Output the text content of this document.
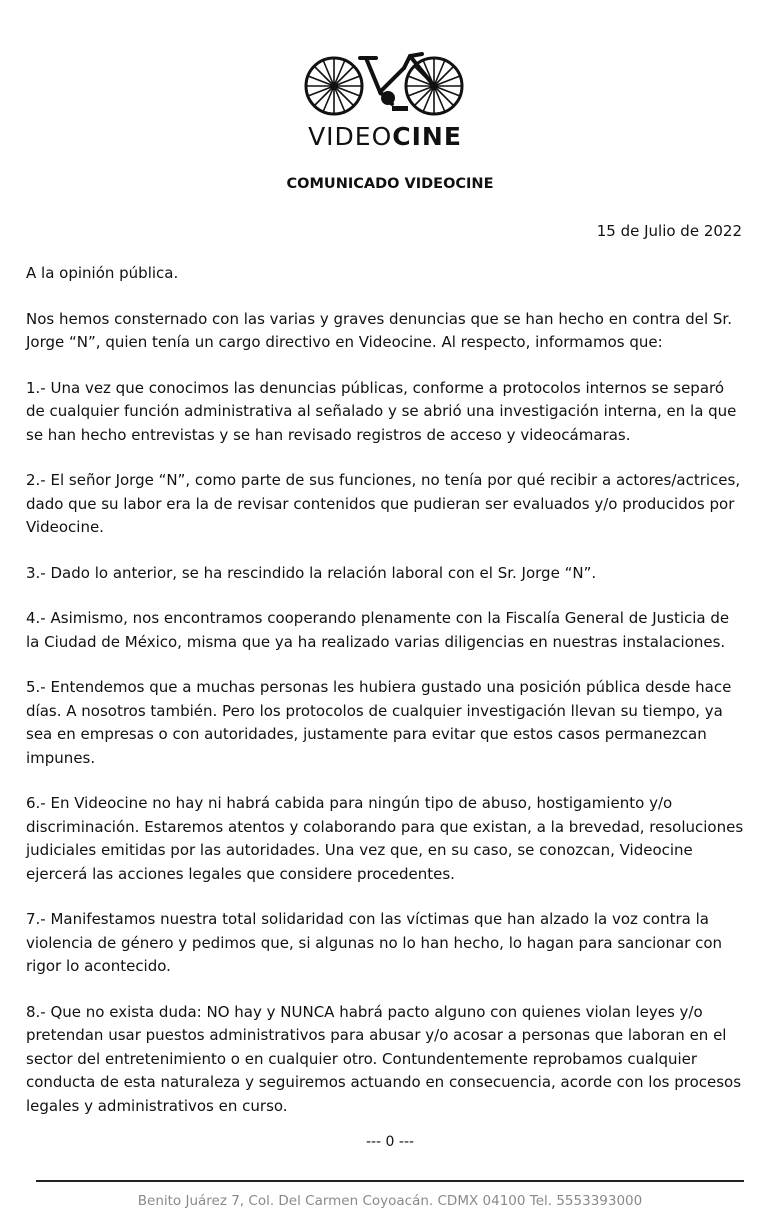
VIDEOCINE
COMUNICADO VIDEOCINE
15 de Julio de 2022

A la opinión pública.

Nos hemos consternado con las varias y graves denuncias que se han hecho en contra del Sr. Jorge “N”, quien tenía un cargo directivo en Videocine. Al respecto, informamos que:

1.- Una vez que conocimos las denuncias públicas, conforme a protocolos internos se separó de cualquier función administrativa al señalado y se abrió una investigación interna, en la que se han hecho entrevistas y se han revisado registros de acceso y videocámaras.

2.- El señor Jorge “N”, como parte de sus funciones, no tenía por qué recibir a actores/actrices, dado que su labor era la de revisar contenidos que pudieran ser evaluados y/o producidos por Videocine.

3.- Dado lo anterior, se ha rescindido la relación laboral con el Sr. Jorge “N”.

4.- Asimismo, nos encontramos cooperando plenamente con la Fiscalía General de Justicia de la Ciudad de México, misma que ya ha realizado varias diligencias en nuestras instalaciones.

5.- Entendemos que a muchas personas les hubiera gustado una posición pública desde hace días. A nosotros también. Pero los protocolos de cualquier investigación llevan su tiempo, ya sea en empresas o con autoridades, justamente para evitar que estos casos permanezcan impunes.

6.- En Videocine no hay ni habrá cabida para ningún tipo de abuso, hostigamiento y/o discriminación. Estaremos atentos y colaborando para que existan, a la brevedad, resoluciones judiciales emitidas por las autoridades. Una vez que, en su caso, se conozcan, Videocine ejercerá las acciones legales que considere procedentes.

7.- Manifestamos nuestra total solidaridad con las víctimas que han alzado la voz contra la violencia de género y pedimos que, si algunas no lo han hecho, lo hagan para sancionar con rigor lo acontecido.

8.- Que no exista duda: NO hay y NUNCA habrá pacto alguno con quienes violan leyes y/o pretendan usar puestos administrativos para abusar y/o acosar a personas que laboran en el sector del entretenimiento o en cualquier otro. Contundentemente reprobamos cualquier conducta de esta naturaleza y seguiremos actuando en consecuencia, acorde con los procesos legales y administrativos en curso.

--- 0 ---
Benito Juárez 7, Col. Del Carmen Coyoacán. CDMX 04100 Tel. 5553393000
